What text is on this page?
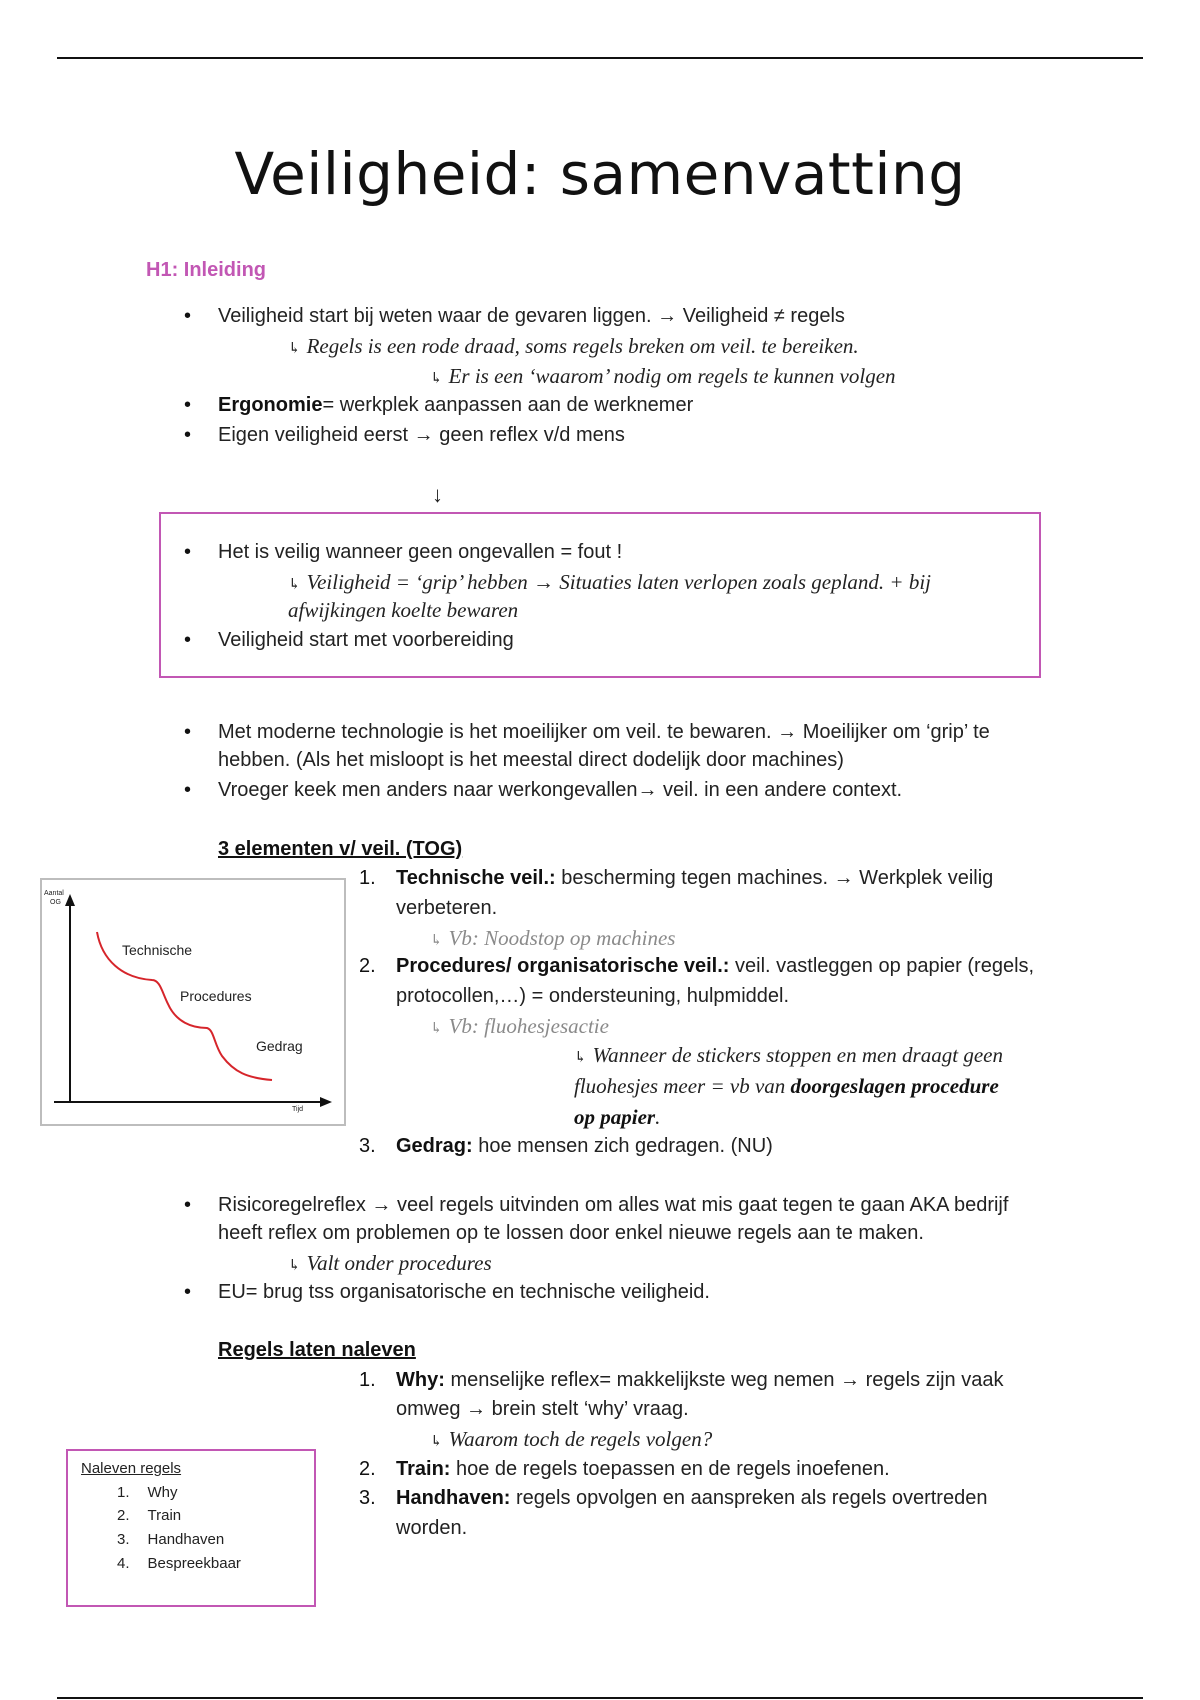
Veiligheid: samenvatting
H1: Inleiding
• Veiligheid start bij weten waar de gevaren liggen. → Veiligheid ≠ regels
↳ Regels is een rode draad, soms regels breken om veil. te bereiken.
↳ Er is een ‘waarom’ nodig om regels te kunnen volgen
• Ergonomie= werkplek aanpassen aan de werknemer
• Eigen veiligheid eerst → geen reflex v/d mens
↓
• Het is veilig wanneer geen ongevallen = fout !
↳ Veiligheid = ‘grip’ hebben → Situaties laten verlopen zoals gepland. + bij
afwijkingen koelte bewaren
• Veiligheid start met voorbereiding
• Met moderne technologie is het moeilijker om veil. te bewaren. → Moeilijker om ‘grip’ te
hebben. (Als het misloopt is het meestal direct dodelijk door machines)
• Vroeger keek men anders naar werkongevallen→ veil. in een andere context.
3 elementen v/ veil. (TOG)
Aantal
OG
Tijd
Technische
Procedures
Gedrag
1. Technische veil.: bescherming tegen machines. → Werkplek veilig
verbeteren.
↳ Vb: Noodstop op machines
2. Procedures/ organisatorische veil.: veil. vastleggen op papier (regels,
protocollen,…) = ondersteuning, hulpmiddel.
↳ Vb: fluohesjesactie
↳ Wanneer de stickers stoppen en men draagt geen
fluohesjes meer = vb van doorgeslagen procedure
op papier.
3. Gedrag: hoe mensen zich gedragen. (NU)
• Risicoregelreflex → veel regels uitvinden om alles wat mis gaat tegen te gaan AKA bedrijf
heeft reflex om problemen op te lossen door enkel nieuwe regels aan te maken.
↳ Valt onder procedures
• EU= brug tss organisatorische en technische veiligheid.
Regels laten naleven
1. Why: menselijke reflex= makkelijkste weg nemen → regels zijn vaak
omweg → brein stelt ‘why’ vraag.
↳ Waarom toch de regels volgen?
2. Train: hoe de regels toepassen en de regels inoefenen.
3. Handhaven: regels opvolgen en aanspreken als regels overtreden
worden.
Naleven regels
1. Why
2. Train
3. Handhaven
4. Bespreekbaar
